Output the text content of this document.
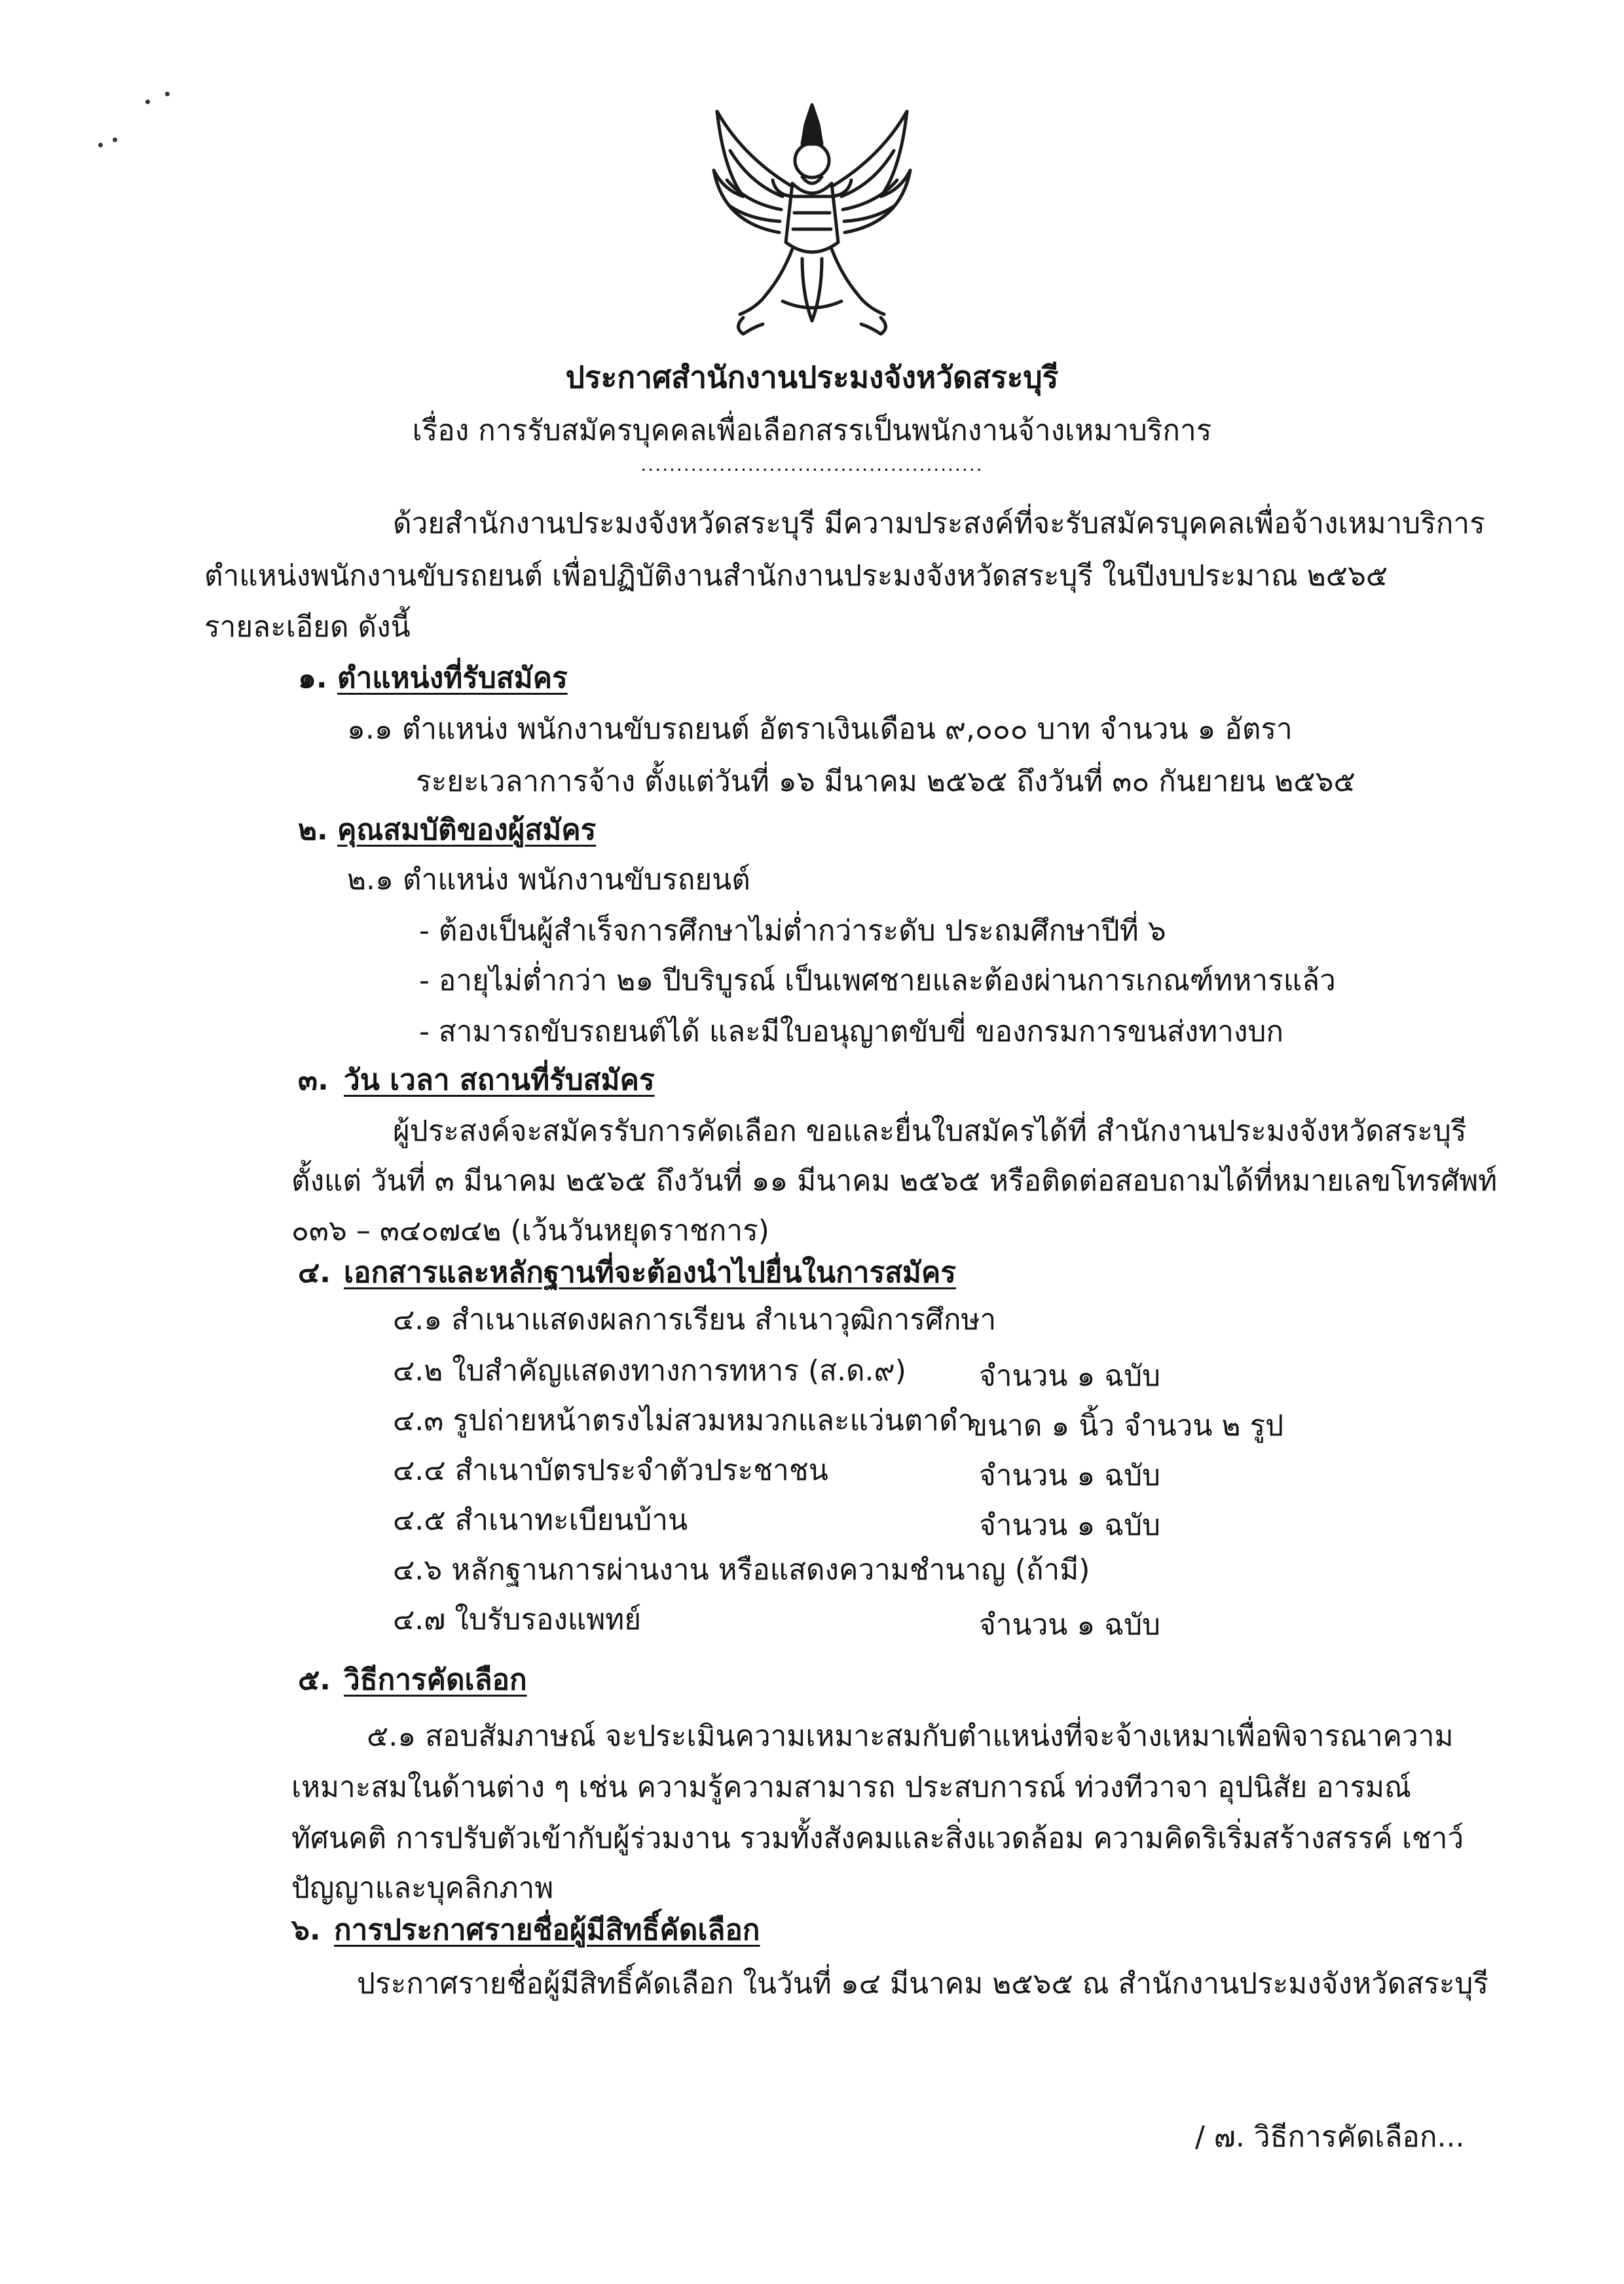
ประกาศสำนักงานประมงจังหวัดสระบุรี
เรื่อง การรับสมัครบุคคลเพื่อเลือกสรรเป็นพนักงานจ้างเหมาบริการ
................................................
ด้วยสำนักงานประมงจังหวัดสระบุรี มีความประสงค์ที่จะรับสมัครบุคคลเพื่อจ้างเหมาบริการ
ตำแหน่งพนักงานขับรถยนต์ เพื่อปฏิบัติงานสำนักงานประมงจังหวัดสระบุรี ในปีงบประมาณ ๒๕๖๕
รายละเอียด ดังนี้
๑. ตำแหน่งที่รับสมัคร
๑.๑ ตำแหน่ง พนักงานขับรถยนต์ อัตราเงินเดือน ๙,๐๐๐ บาท จำนวน ๑ อัตรา
ระยะเวลาการจ้าง ตั้งแต่วันที่ ๑๖ มีนาคม ๒๕๖๕ ถึงวันที่ ๓๐ กันยายน ๒๕๖๕
๒. คุณสมบัติของผู้สมัคร
๒.๑ ตำแหน่ง พนักงานขับรถยนต์
- ต้องเป็นผู้สำเร็จการศึกษาไม่ต่ำกว่าระดับ ประถมศึกษาปีที่ ๖
- อายุไม่ต่ำกว่า ๒๑ ปีบริบูรณ์ เป็นเพศชายและต้องผ่านการเกณฑ์ทหารแล้ว
- สามารถขับรถยนต์ได้ และมีใบอนุญาตขับขี่ ของกรมการขนส่งทางบก
๓. วัน เวลา สถานที่รับสมัคร
ผู้ประสงค์จะสมัครรับการคัดเลือก ขอและยื่นใบสมัครได้ที่ สำนักงานประมงจังหวัดสระบุรี
ตั้งแต่ วันที่ ๓ มีนาคม ๒๕๖๕ ถึงวันที่ ๑๑ มีนาคม ๒๕๖๕ หรือติดต่อสอบถามได้ที่หมายเลขโทรศัพท์
๐๓๖ – ๓๔๐๗๔๒ (เว้นวันหยุดราชการ)
๔. เอกสารและหลักฐานที่จะต้องนำไปยื่นในการสมัคร
๔.๑ สำเนาแสดงผลการเรียน สำเนาวุฒิการศึกษา
๔.๒ ใบสำคัญแสดงทางการทหาร (ส.ด.๙)	จำนวน ๑ ฉบับ
๔.๓ รูปถ่ายหน้าตรงไม่สวมหมวกและแว่นตาดำ
ขนาด ๑ นิ้ว จำนวน ๒ รูป
๔.๔ สำเนาบัตรประจำตัวประชาชน	จำนวน ๑ ฉบับ
๔.๕ สำเนาทะเบียนบ้าน	จำนวน ๑ ฉบับ
๔.๖ หลักฐานการผ่านงาน หรือแสดงความชำนาญ (ถ้ามี)
๔.๗ ใบรับรองแพทย์	จำนวน ๑ ฉบับ
๕. วิธีการคัดเลือก
๕.๑ สอบสัมภาษณ์ จะประเมินความเหมาะสมกับตำแหน่งที่จะจ้างเหมาเพื่อพิจารณาความ
เหมาะสมในด้านต่าง ๆ เช่น ความรู้ความสามารถ ประสบการณ์ ท่วงทีวาจา อุปนิสัย อารมณ์
ทัศนคติ การปรับตัวเข้ากับผู้ร่วมงาน รวมทั้งสังคมและสิ่งแวดล้อม ความคิดริเริ่มสร้างสรรค์ เชาว์
ปัญญาและบุคลิกภาพ
๖. การประกาศรายชื่อผู้มีสิทธิ์คัดเลือก
ประกาศรายชื่อผู้มีสิทธิ์คัดเลือก ในวันที่ ๑๔ มีนาคม ๒๕๖๕ ณ สำนักงานประมงจังหวัดสระบุรี
/ ๗. วิธีการคัดเลือก...
